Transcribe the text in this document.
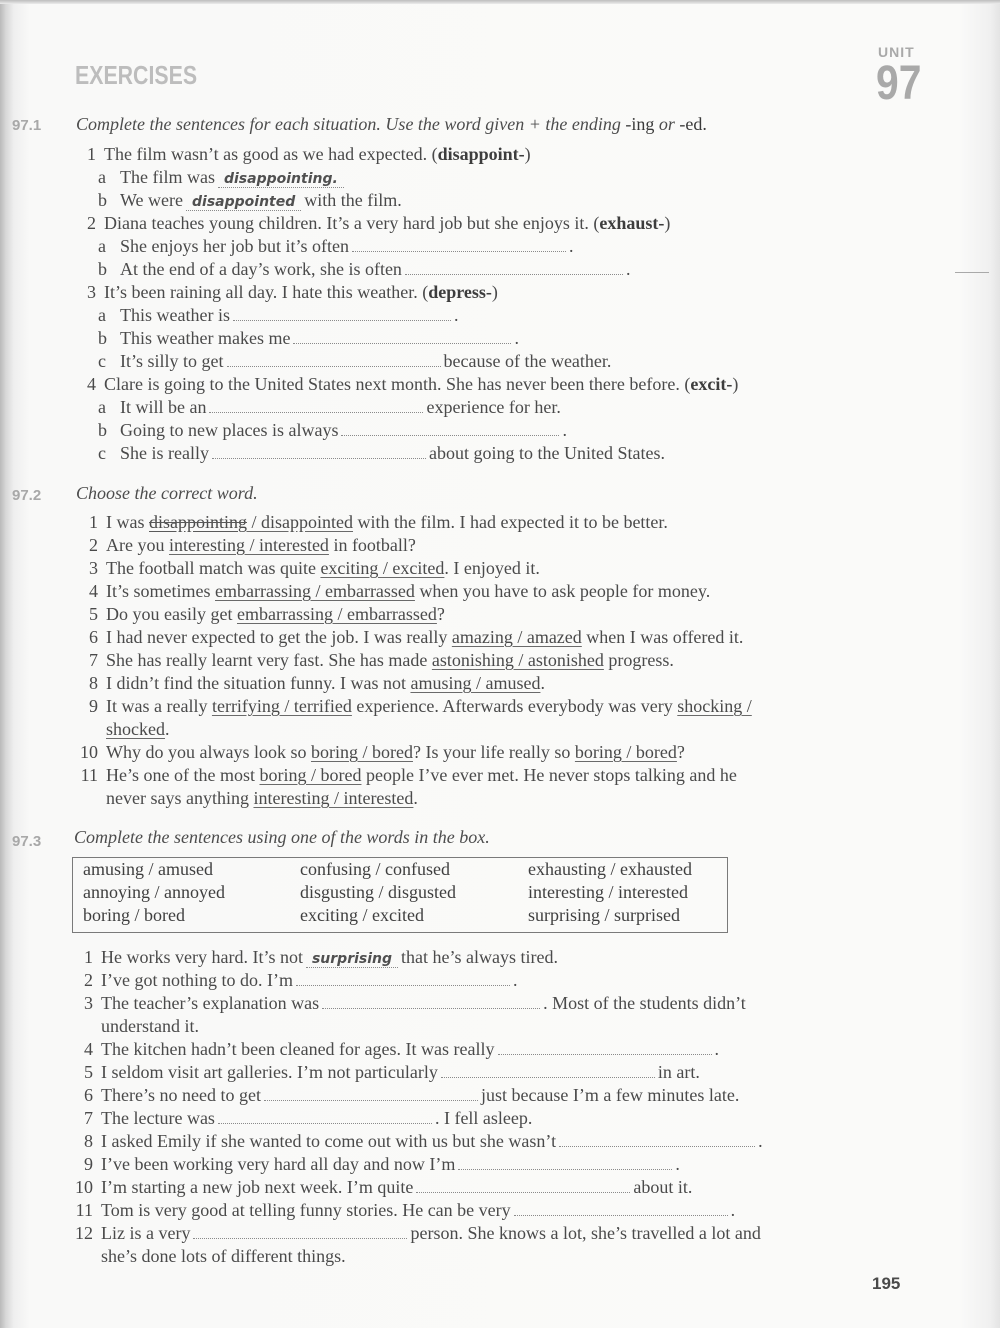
EXERCISES
UNIT
97
97.1 Complete the sentences for each situation. Use the word given + the ending -ing or -ed.
1 The film wasn’t as good as we had expected. (disappoint-)
a The film was disappointing.
b We were disappointed with the film.
2 Diana teaches young children. It’s a very hard job but she enjoys it. (exhaust-)
a She enjoys her job but it’s often	.
b At the end of a day’s work, she is often	.
3 It’s been raining all day. I hate this weather. (depress-)
a This weather is	.
b This weather makes me	.
c It’s silly to get	because of the weather.
4 Clare is going to the United States next month. She has never been there before. (excit-)
a It will be an	experience for her.
b Going to new places is always	.
c She is really	about going to the United States.
97.2 Choose the correct word.
1 I was disappointing / disappointed with the film. I had expected it to be better.
2 Are you interesting / interested in football?
3 The football match was quite exciting / excited. I enjoyed it.
4 It’s sometimes embarrassing / embarrassed when you have to ask people for money.
5 Do you easily get embarrassing / embarrassed?
6 I had never expected to get the job. I was really amazing / amazed when I was offered it.
7 She has really learnt very fast. She has made astonishing / astonished progress.
8 I didn’t find the situation funny. I was not amusing / amused.
9 It was a really terrifying / terrified experience. Afterwards everybody was very shocking /
shocked.
10 Why do you always look so boring / bored? Is your life really so boring / bored?
11 He’s one of the most boring / bored people I’ve ever met. He never stops talking and he
never says anything interesting / interested.
97.3 Complete the sentences using one of the words in the box.
amusing / amused	confusing / confused	exhausting / exhausted
annoying / annoyed	disgusting / disgusted	interesting / interested
boring / bored	exciting / excited	surprising / surprised
1 He works very hard. It’s not surprising that he’s always tired.
2 I’ve got nothing to do. I’m	.
3 The teacher’s explanation was	. Most of the students didn’t
understand it.
4 The kitchen hadn’t been cleaned for ages. It was really	.
5 I seldom visit art galleries. I’m not particularly	in art.
6 There’s no need to get	just because I’m a few minutes late.
7 The lecture was	. I fell asleep.
8 I asked Emily if she wanted to come out with us but she wasn’t	.
9 I’ve been working very hard all day and now I’m	.
10 I’m starting a new job next week. I’m quite	about it.
11 Tom is very good at telling funny stories. He can be very	.
12 Liz is a very	person. She knows a lot, she’s travelled a lot and
she’s done lots of different things.
195
